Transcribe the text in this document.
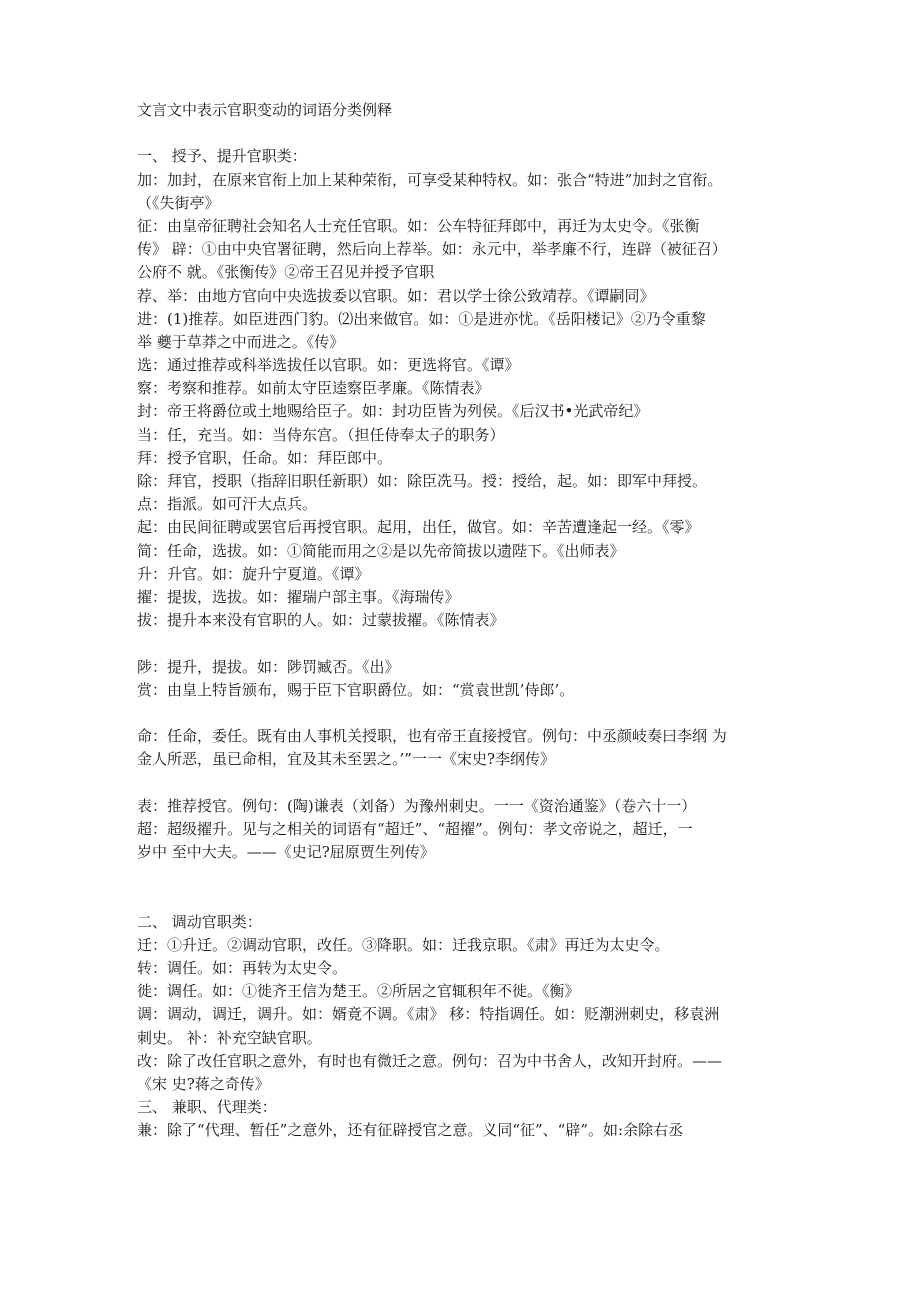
文言文中表示官职变动的词语分类例释
一、 授予、提升官职类：
加：加封，在原来官衔上加上某种荣衔，可享受某种特权。如：张合“特进”加封之官衔。
（《失街亭》
征：由皇帝征聘社会知名人士充任官职。如：公车特征拜郎中，再迁为太史令。《张衡
传》 辟：①由中央官署征聘，然后向上荐举。如：永元中，举孝廉不行，连辟（被征召）
公府不 就。《张衡传》②帝王召见并授予官职
荐、举：由地方官向中央选拔委以官职。如：君以学士徐公致靖荐。《谭嗣同》
进：(1)推荐。如臣进西门豹。⑵出来做官。如：①是进亦忧。《岳阳楼记》②乃令重黎
举 夔于草莽之中而进之。《传》
选：通过推荐或科举选拔任以官职。如：更选将官。《谭》
察：考察和推荐。如前太守臣逵察臣孝廉。《陈情表》
封：帝王将爵位或土地赐给臣子。如：封功臣皆为列侯。《后汉书•光武帝纪》
当：任，充当。如：当侍东宫。（担任侍奉太子的职务）
拜：授予官职，任命。如：拜臣郎中。
除：拜官，授职（指辞旧职任新职）如：除臣冼马。授：授给，起。如：即军中拜授。
点：指派。如可汗大点兵。
起：由民间征聘或罢官后再授官职。起用，出任，做官。如：辛苦遭逢起一经。《零》
简：任命，选拔。如：①简能而用之②是以先帝简拔以遗陛下。《出师表》
升：升官。如：旋升宁夏道。《谭》
擢：提拔，选拔。如：擢瑞户部主事。《海瑞传》
拔：提升本来没有官职的人。如：过蒙拔擢。《陈情表》
陟：提升，提拔。如：陟罚臧否。《出》
赏：由皇上特旨颁布，赐于臣下官职爵位。如：“赏袁世凯’侍郎’。
命：任命，委任。既有由人事机关授职，也有帝王直接授官。例句：中丞颜岐奏曰李纲 为
金人所恶，虽已命相，宜及其未至罢之。’”一一《宋史?李纲传》
表：推荐授官。例句：(陶)谦表（刘备）为豫州刺史。一一《资治通鉴》（卷六十一）
超：超级擢升。见与之相关的词语有“超迁”、“超擢”。例句：孝文帝说之，超迁，一
岁中 至中大夫。——《史记?屈原贾生列传》
二、 调动官职类：
迁：①升迁。②调动官职，改任。③降职。如：迁我京职。《肃》再迁为太史令。
转：调任。如：再转为太史令。
徙：调任。如：①徙齐王信为楚王。②所居之官辄积年不徙。《衡》
调：调动，调迁，调升。如：婿竟不调。《肃》 移：特指调任。如：贬潮洲刺史，移袁洲
刺史。 补：补充空缺官职。
改：除了改任官职之意外，有时也有微迁之意。例句：召为中书舍人，改知开封府。——
《宋 史?蒋之奇传》
三、 兼职、代理类：
兼：除了“代理、暂任”之意外，还有征辟授官之意。义同“征”、“辟”。如:余除右丞
